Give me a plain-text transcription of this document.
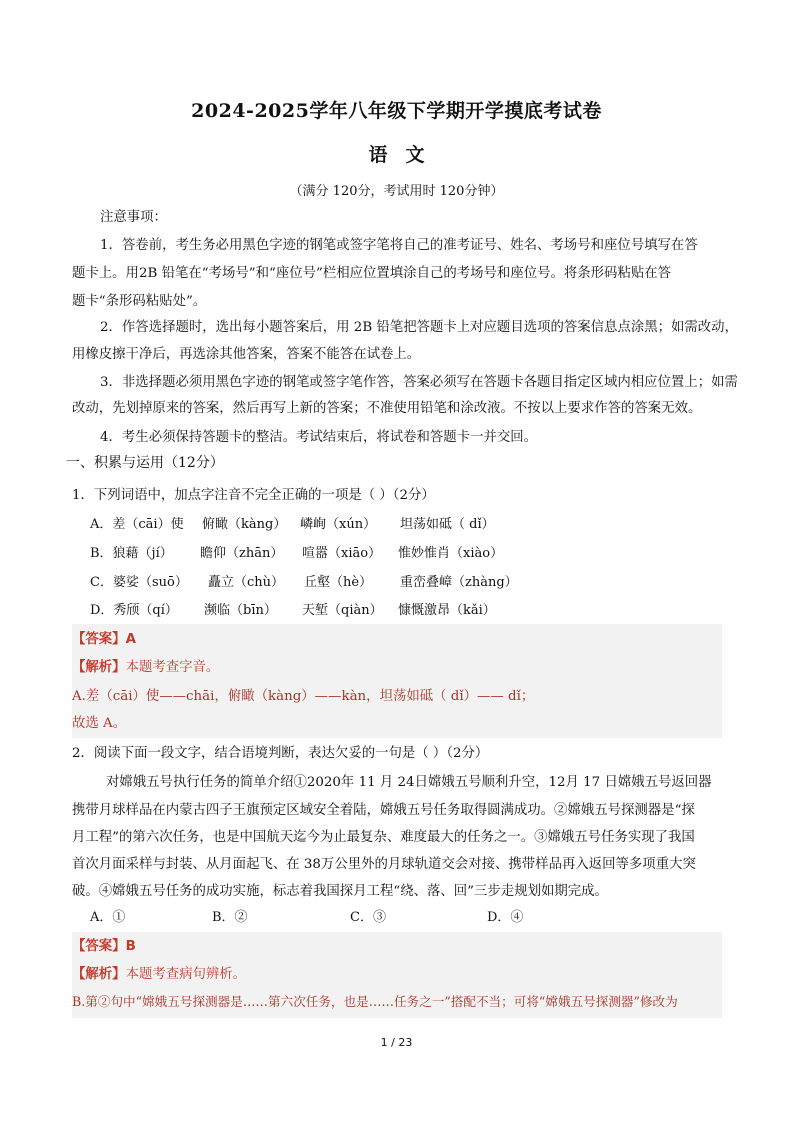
2024-2025学年八年级下学期开学摸底考试卷
语文
（满分 120分，考试用时 120分钟）
注意事项：
1．答卷前，考生务必用黑色字迹的钢笔或签字笔将自己的准考证号、姓名、考场号和座位号填写在答
题卡上。用2B 铅笔在“考场号”和“座位号”栏相应位置填涂自己的考场号和座位号。将条形码粘贴在答
题卡“条形码粘贴处”。
2．作答选择题时，选出每小题答案后，用 2B 铅笔把答题卡上对应题目选项的答案信息点涂黑；如需改动，
用橡皮擦干净后，再选涂其他答案，答案不能答在试卷上。
3．非选择题必须用黑色字迹的钢笔或签字笔作答，答案必须写在答题卡各题目指定区域内相应位置上；如需
改动，先划掉原来的答案，然后再写上新的答案；不准使用铅笔和涂改液。不按以上要求作答的答案无效。
4．考生必须保持答题卡的整洁。考试结束后，将试卷和答题卡一并交回。
一、积累与运用（12分）
1．下列词语中，加点字注音不完全正确的一项是（ ）（2分）
A．差（cāi）使 俯瞰（kàng） 嶙峋（xún） 坦荡如砥（ dǐ）
B．狼藉（jí） 瞻仰（zhān） 喧嚣（xiāo） 惟妙惟肖（xiào）
C．婆娑（suō） 矗立（chù） 丘壑（hè） 重峦叠嶂（zhàng）
D．秀颀（qí） 濒临（bīn） 天堑（qiàn） 慷慨激昂（kǎi）
【答案】A
【解析】本题考查字音。
A.差（cāi）使——chāi，俯瞰（kàng）——kàn，坦荡如砥（ dǐ）—— dǐ；
故选 A。
2．阅读下面一段文字，结合语境判断，表达欠妥的一句是（ ）（2分）
对嫦娥五号执行任务的简单介绍①2020年 11 月 24日嫦娥五号顺利升空，12月 17 日嫦娥五号返回器
携带月球样品在内蒙古四子王旗预定区域安全着陆，嫦娥五号任务取得圆满成功。②嫦娥五号探测器是“探
月工程”的第六次任务，也是中国航天迄今为止最复杂、难度最大的任务之一。③嫦娥五号任务实现了我国
首次月面采样与封装、从月面起飞、在 38万公里外的月球轨道交会对接、携带样品再入返回等多项重大突
破。④嫦娥五号任务的成功实施，标志着我国探月工程“绕、落、回”三步走规划如期完成。
A．①	B．②	C．③	D．④
【答案】B
【解析】本题考查病句辨析。
B.第②句中“嫦娥五号探测器是……第六次任务，也是……任务之一”搭配不当；可将“嫦娥五号探测器”修改为
1 / 23
